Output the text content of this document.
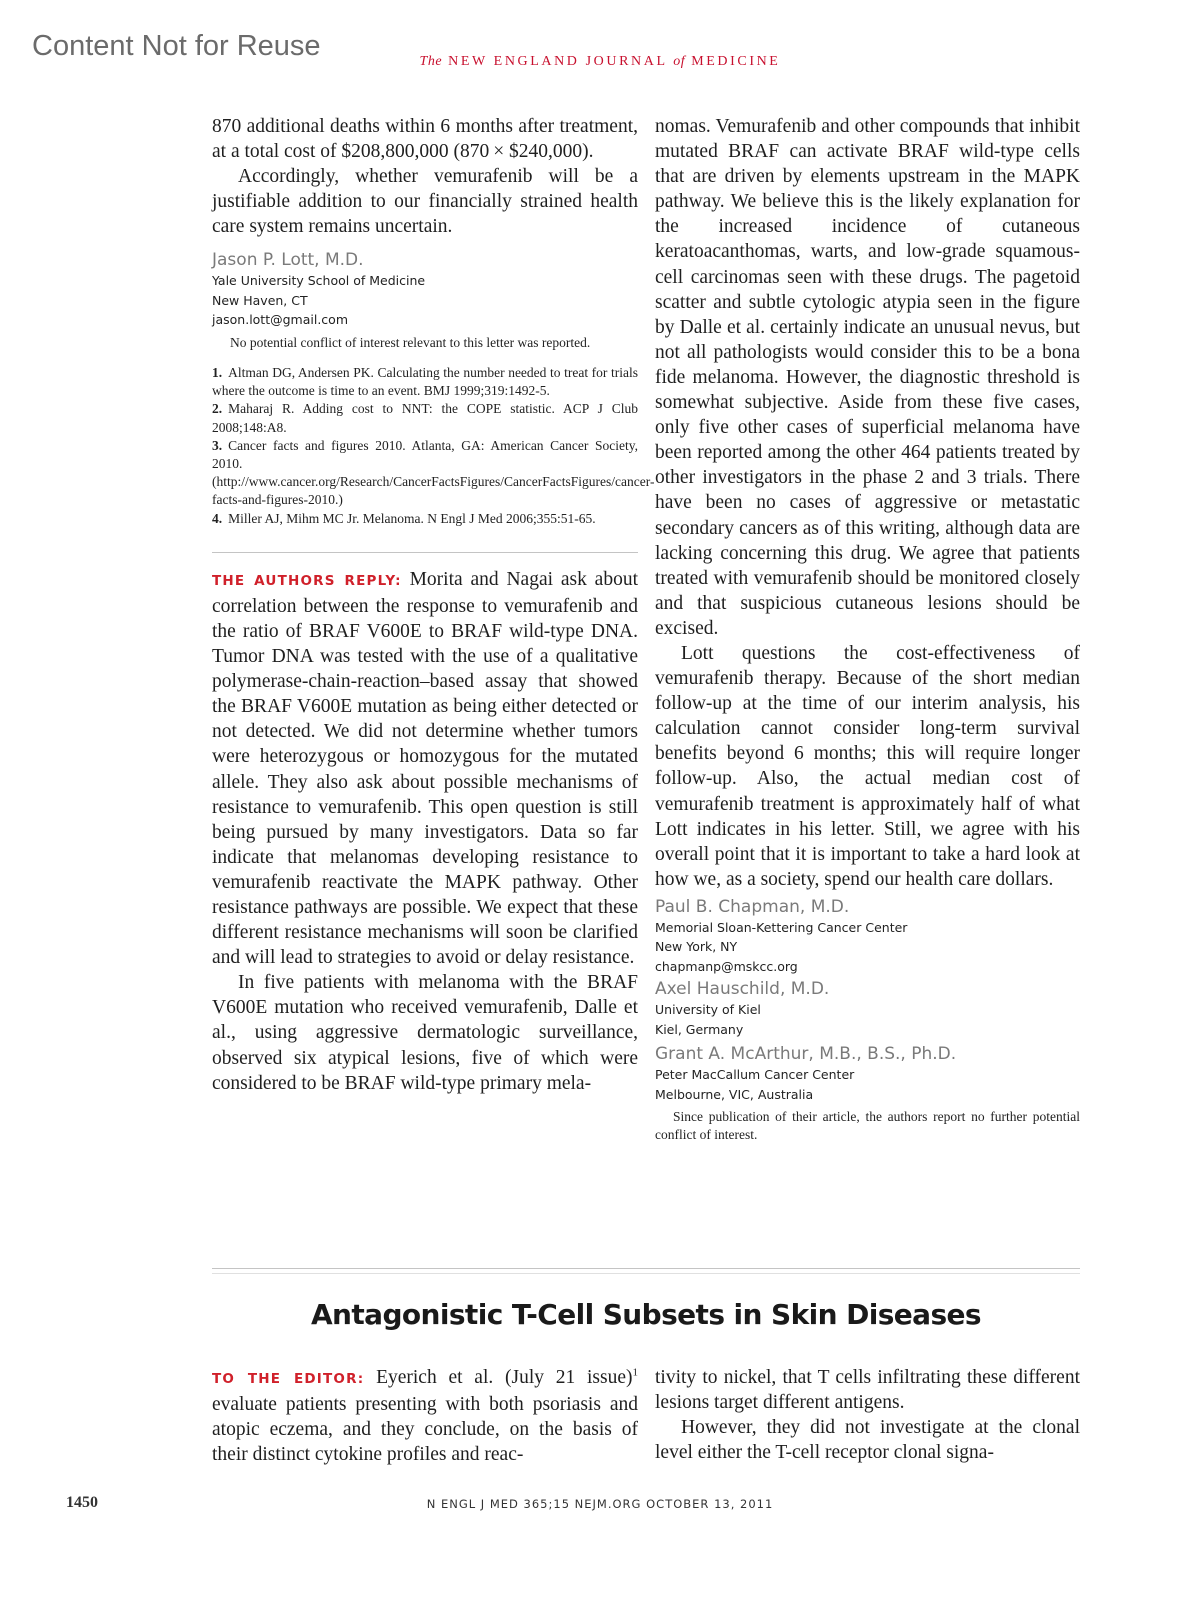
Content Not for Reuse	The NEW ENGLAND JOURNAL of MEDICINE

870 additional deaths within 6 months after treatment, at a total cost of $208,800,000 (870 × $240,000).

Accordingly, whether vemurafenib will be a justifiable addition to our financially strained health care system remains uncertain.

Jason P. Lott, M.D.
Yale University School of Medicine
New Haven, CT
jason.lott@gmail.com
No potential conflict of interest relevant to this letter was reported.
1. Altman DG, Andersen PK. Calculating the number needed to treat for trials where the outcome is time to an event. BMJ 1999;319:1492-5.
2. Maharaj R. Adding cost to NNT: the COPE statistic. ACP J Club 2008;148:A8.
3. Cancer facts and figures 2010. Atlanta, GA: American Cancer Society, 2010. (http://www.cancer.org/Research/CancerFactsFigures/CancerFactsFigures/cancer-facts-and-figures-2010.)
4. Miller AJ, Mihm MC Jr. Melanoma. N Engl J Med 2006;355:51-65.

THE AUTHORS REPLY: Morita and Nagai ask about correlation between the response to vemurafenib and the ratio of BRAF V600E to BRAF wild-type DNA. Tumor DNA was tested with the use of a qualitative polymerase-chain-reaction–based assay that showed the BRAF V600E mutation as being either detected or not detected. We did not determine whether tumors were heterozygous or homozygous for the mutated allele. They also ask about possible mechanisms of resistance to vemurafenib. This open question is still being pursued by many investigators. Data so far indicate that melanomas developing resistance to vemurafenib reactivate the MAPK pathway. Other resistance pathways are possible. We expect that these different resistance mechanisms will soon be clarified and will lead to strategies to avoid or delay resistance.

In five patients with melanoma with the BRAF V600E mutation who received vemurafenib, Dalle et al., using aggressive dermatologic surveillance, observed six atypical lesions, five of which were considered to be BRAF wild-type primary mela-

nomas. Vemurafenib and other compounds that inhibit mutated BRAF can activate BRAF wild-type cells that are driven by elements upstream in the MAPK pathway. We believe this is the likely explanation for the increased incidence of cutaneous keratoacanthomas, warts, and low-grade squamous-cell carcinomas seen with these drugs. The pagetoid scatter and subtle cytologic atypia seen in the figure by Dalle et al. certainly indicate an unusual nevus, but not all pathologists would consider this to be a bona fide melanoma. However, the diagnostic threshold is somewhat subjective. Aside from these five cases, only five other cases of superficial melanoma have been reported among the other 464 patients treated by other investigators in the phase 2 and 3 trials. There have been no cases of aggressive or metastatic secondary cancers as of this writing, although data are lacking concerning this drug. We agree that patients treated with vemurafenib should be monitored closely and that suspicious cutaneous lesions should be excised.

Lott questions the cost-effectiveness of vemurafenib therapy. Because of the short median follow-up at the time of our interim analysis, his calculation cannot consider long-term survival benefits beyond 6 months; this will require longer follow-up. Also, the actual median cost of vemurafenib treatment is approximately half of what Lott indicates in his letter. Still, we agree with his overall point that it is important to take a hard look at how we, as a society, spend our health care dollars.

Paul B. Chapman, M.D.
Memorial Sloan-Kettering Cancer Center
New York, NY
chapmanp@mskcc.org
Axel Hauschild, M.D.
University of Kiel
Kiel, Germany
Grant A. McArthur, M.B., B.S., Ph.D.
Peter MacCallum Cancer Center
Melbourne, VIC, Australia
Since publication of their article, the authors report no further potential conflict of interest.
Antagonistic T-Cell Subsets in Skin Diseases

TO THE EDITOR: Eyerich et al. (July 21 issue)$^1$ evaluate patients presenting with both psoriasis and atopic eczema, and they conclude, on the basis of their distinct cytokine profiles and reac-

tivity to nickel, that T cells infiltrating these different lesions target different antigens.

However, they did not investigate at the clonal level either the T-cell receptor clonal signa-

1450	N ENGL J MED 365;15 NEJM.ORG OCTOBER 13, 2011
